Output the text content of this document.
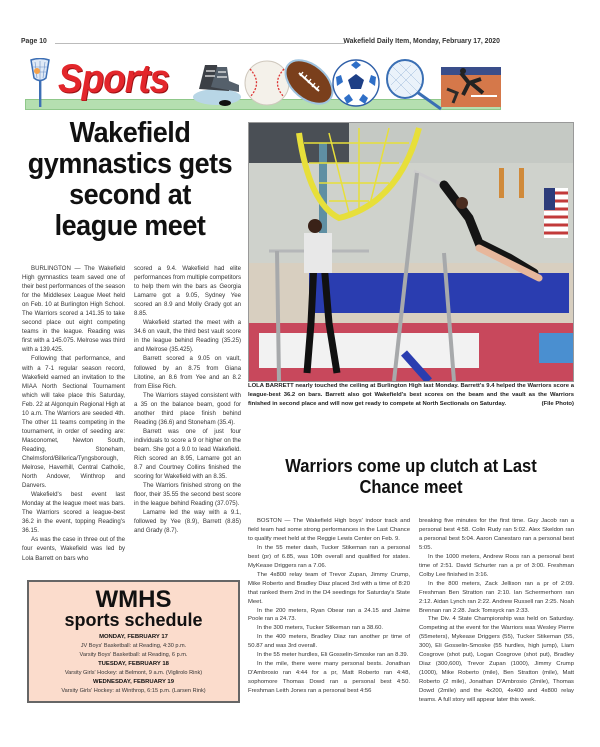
Page 10	Wakefield Daily Item, Monday, February 17, 2020
Sports
Wakefield gymnastics gets second at league meet

BURLINGTON — The Wakefield High gymnastics team saved one of their best performances of the season for the Middlesex League Meet held on Feb. 10 at Burlington High School. The Warriors scored a 141.35 to take second place out eight competing teams in the league. Reading was first with a 145.075. Melrose was third with a 139.425.

Following that performance, and with a 7-1 regular season record, Wakefield earned an invitation to the MIAA North Sectional Tournament which will take place this Saturday, Feb. 22 at Algonquin Regional High at 10 a.m. The Warriors are seeded 4th. The other 11 teams competing in the tournament, in order of seeding are: Masconomet, Newton South, Reading, Stoneham, Chelmsford/Billerica/Tyngsborough, Melrose, Haverhill, Central Catholic, North Andover, Winthrop and Danvers.

Wakefield's best event last Monday at the league meet was bars. The Warriors scored a league-best 36.2 in the event, topping Reading's 36.15.

As was the case in three out of the four events, Wakefield was led by Lola Barrett on bars who

scored a 9.4. Wakefield had elite performances from multiple competitors to help them win the bars as Georgia Lamarre got a 9.05, Sydney Yee scored an 8.9 and Molly Grady got an 8.85.

Wakefield started the meet with a 34.6 on vault, the third best vault score in the league behind Reading (35.25) and Melrose (35.425).

Barrett scored a 9.05 on vault, followed by an 8.75 from Giana Litotine, an 8.6 from Yee and an 8.2 from Elise Rich.

The Warriors stayed consistent with a 35 on the balance beam, good for another third place finish behind Reading (36.6) and Stoneham (35.4).

Barrett was one of just four individuals to score a 9 or higher on the beam. She got a 9.0 to lead Wakefield. Rich scored an 8.95, Lamarre got an 8.7 and Courtney Collins finished the scoring for Wakefield with an 8.35.

The Warriors finished strong on the floor, their 35.55 the second best score in the league behind Reading (37.075).

Lamarre led the way with a 9.1, followed by Yee (8.9), Barrett (8.85) and Grady (8.7).

LOLA BARRETT nearly touched the ceiling at Burlington High last Monday. Barrett's 9.4 helped the Warriors score a league-best 36.2 on bars. Barrett also got Wakefield's best scores on the beam and the vault as the Warriors finished in second place and will now get ready to compete at North Sectionals on Saturday.	(File Photo)
Warriors come up clutch at Last Chance meet

BOSTON — The Wakefield High boys' indoor track and field team had some strong performances in the Last Chance to qualify meet held at the Reggie Lewis Center on Feb. 9.

In the 55 meter dash, Tucker Stikeman ran a personal best (pr) of 6.85, was 10th overall and qualified for states. MyKease Driggers ran a 7.06.

The 4x800 relay team of Trevor Zupan, Jimmy Crump, Mike Roberto and Bradley Diaz placed 3rd with a time of 8:20 that ranked them 2nd in the D4 seedings for Saturday's State Meet.

In the 200 meters, Ryan Obear ran a 24.15 and Jaime Poole ran a 24.73.

In the 300 meters, Tucker Stikeman ran a 38.60.

In the 400 meters, Bradley Diaz ran another pr time of 50.87 and was 3rd overall.

In the 55 meter hurdles, Eli Gosselin-Smoske ran an 8.39.

In the mile, there were many personal bests. Jonathan D'Ambrosio ran 4:44 for a pr, Matt Roberto ran 4:48, sophomore Thomas Dowd ran a personal best 4:50. Freshman Leith Jones ran a personal best 4:56

breaking five minutes for the first time. Guy Jacob ran a personal best 4:58. Colin Rudy ran 5:02. Alex Skeldon ran a personal best 5:04. Aaron Canestaro ran a personal best 5:05.

In the 1000 meters, Andrew Roos ran a personal best time of 2:51. David Schurter ran a pr of 3:00. Freshman Colby Lee finished in 3:16.

In the 800 meters, Zack Jellison ran a pr of 2:09. Freshman Ben Stratton ran 2:10. Ian Schermerhorn ran 2:12. Aidan Lynch ran 2:22. Andrew Russell ran 2:25. Noah Brennan ran 2:28. Jack Tomsyck ran 2:33.

The Div. 4 State Championship was held on Saturday. Competing at the event for the Warriors was Wesley Pierre (55meters), Mykease Driggers (55), Tucker Stikeman (55, 300), Eli Gosselin-Smoske (55 hurdles, high jump), Liam Cosgrove (shot put), Logan Cosgrove (shot put), Bradley Diaz (300,600), Trevor Zupan (1000), Jimmy Crump (1000), Mike Roberto (mile), Ben Stratton (mile), Matt Roberto (2 mile), Jonathan D'Ambrosio (2mile), Thomas Dowd (2mile) and the 4x200, 4x400 and 4x800 relay teams. A full story will appear later this week.

WMHS
sports schedule
MONDAY, FEBRUARY 17
JV Boys' Basketball: at Reading, 4:30 p.m.
Varsity Boys' Basketball: at Reading, 6 p.m.
TUESDAY, FEBRUARY 18
Varsity Girls' Hockey: at Belmont, 9 a.m. (Viglirolo Rink)
WEDNESDAY, FEBRUARY 19
Varsity Girls' Hockey: at Winthrop, 6:15 p.m. (Larsen Rink)
